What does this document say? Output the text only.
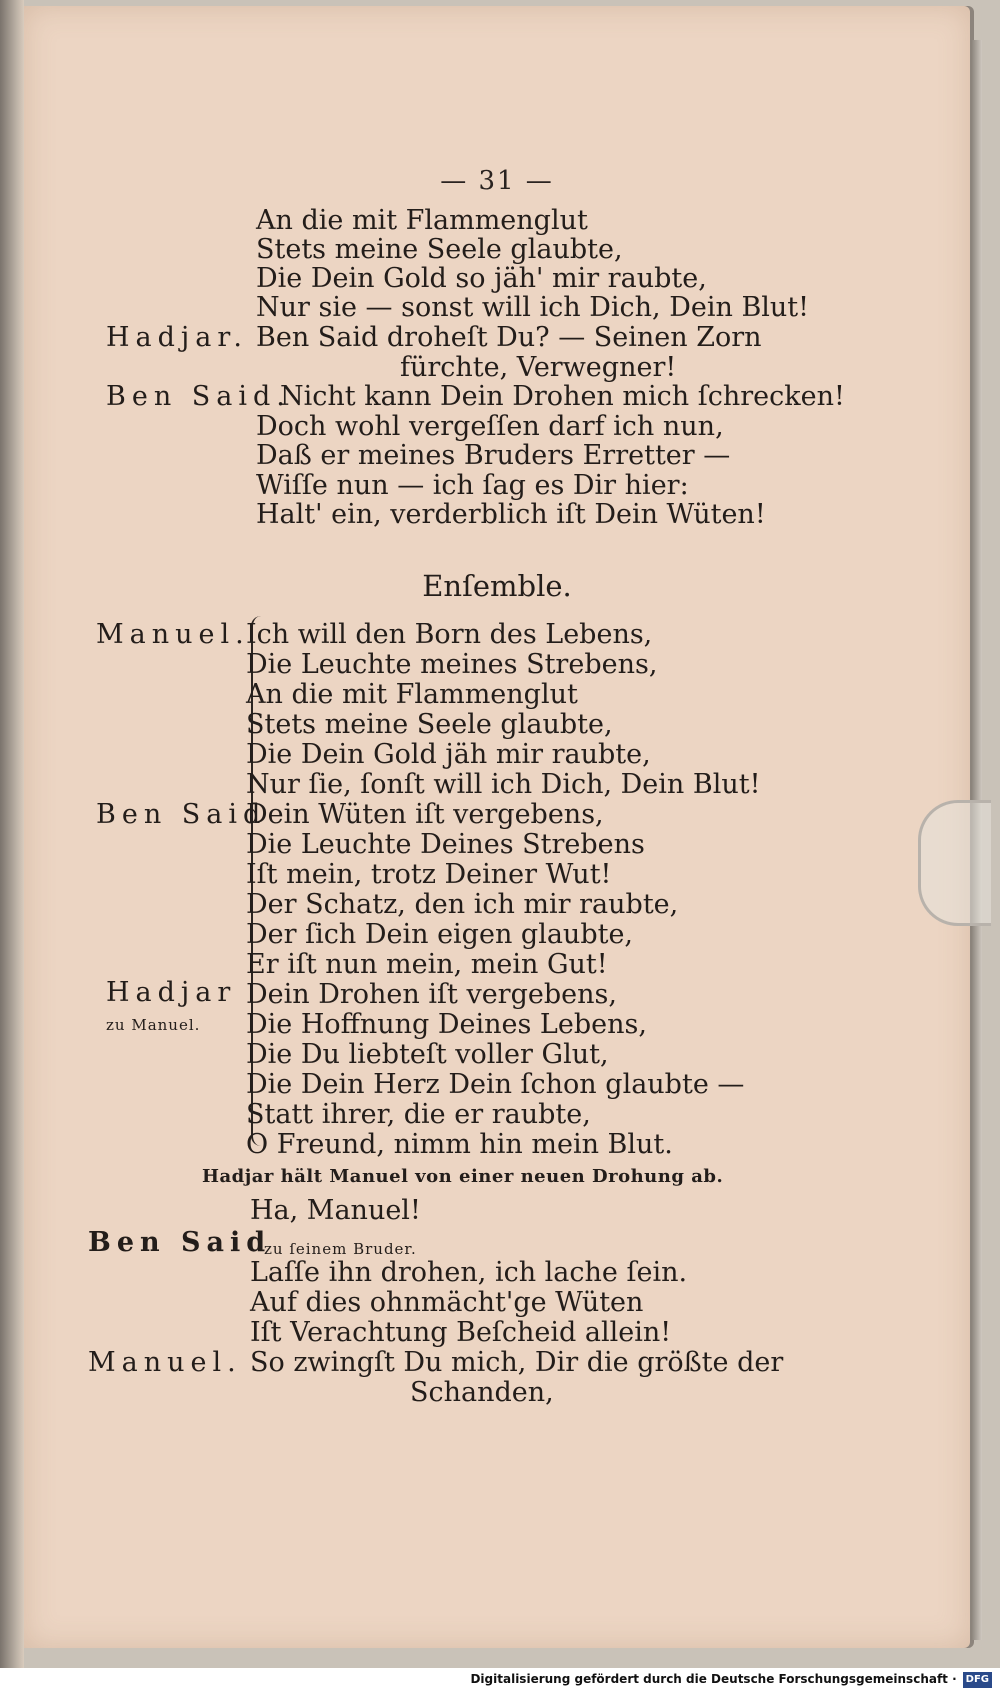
— 31 —
An die mit Flammenglut
Stets meine Seele glaubte,
Die Dein Gold so jäh' mir raubte,
Nur sie — sonst will ich Dich, Dein Blut!
Hadjar. Ben Said droheſt Du? — Seinen Zorn
fürchte, Verwegner!
Ben Said.
Nicht kann Dein Drohen mich ſchrecken!
Doch wohl vergeſſen darf ich nun,
Daß er meines Bruders Erretter —
Wiſſe nun — ich ſag es Dir hier:
Halt' ein, verderblich iſt Dein Wüten!
Enſemble.
Manuel.
Ben Said
Hadjar
zu Manuel.
Ich will den Born des Lebens,
Die Leuchte meines Strebens,
An die mit Flammenglut
Stets meine Seele glaubte,
Die Dein Gold jäh mir raubte,
Nur ſie, ſonſt will ich Dich, Dein Blut!
Dein Wüten iſt vergebens,
Die Leuchte Deines Strebens
Iſt mein, trotz Deiner Wut!
Der Schatz, den ich mir raubte,
Der ſich Dein eigen glaubte,
Er iſt nun mein, mein Gut!
Dein Drohen iſt vergebens,
Die Hoffnung Deines Lebens,
Die Du liebteſt voller Glut,
Die Dein Herz Dein ſchon glaubte —
Statt ihrer, die er raubte,
O Freund, nimm hin mein Blut.
Hadjar hält Manuel von einer neuen Drohung ab.
Ha, Manuel!
Ben Said
zu ſeinem Bruder.
Laſſe ihn drohen, ich lache ſein.
Auf dies ohnmächt'ge Wüten
Iſt Verachtung Beſcheid allein!
Manuel. So zwingſt Du mich, Dir die größte der
Schanden,
Digitalisierung gefördert durch die Deutsche Forschungsgemeinschaft · DFG
